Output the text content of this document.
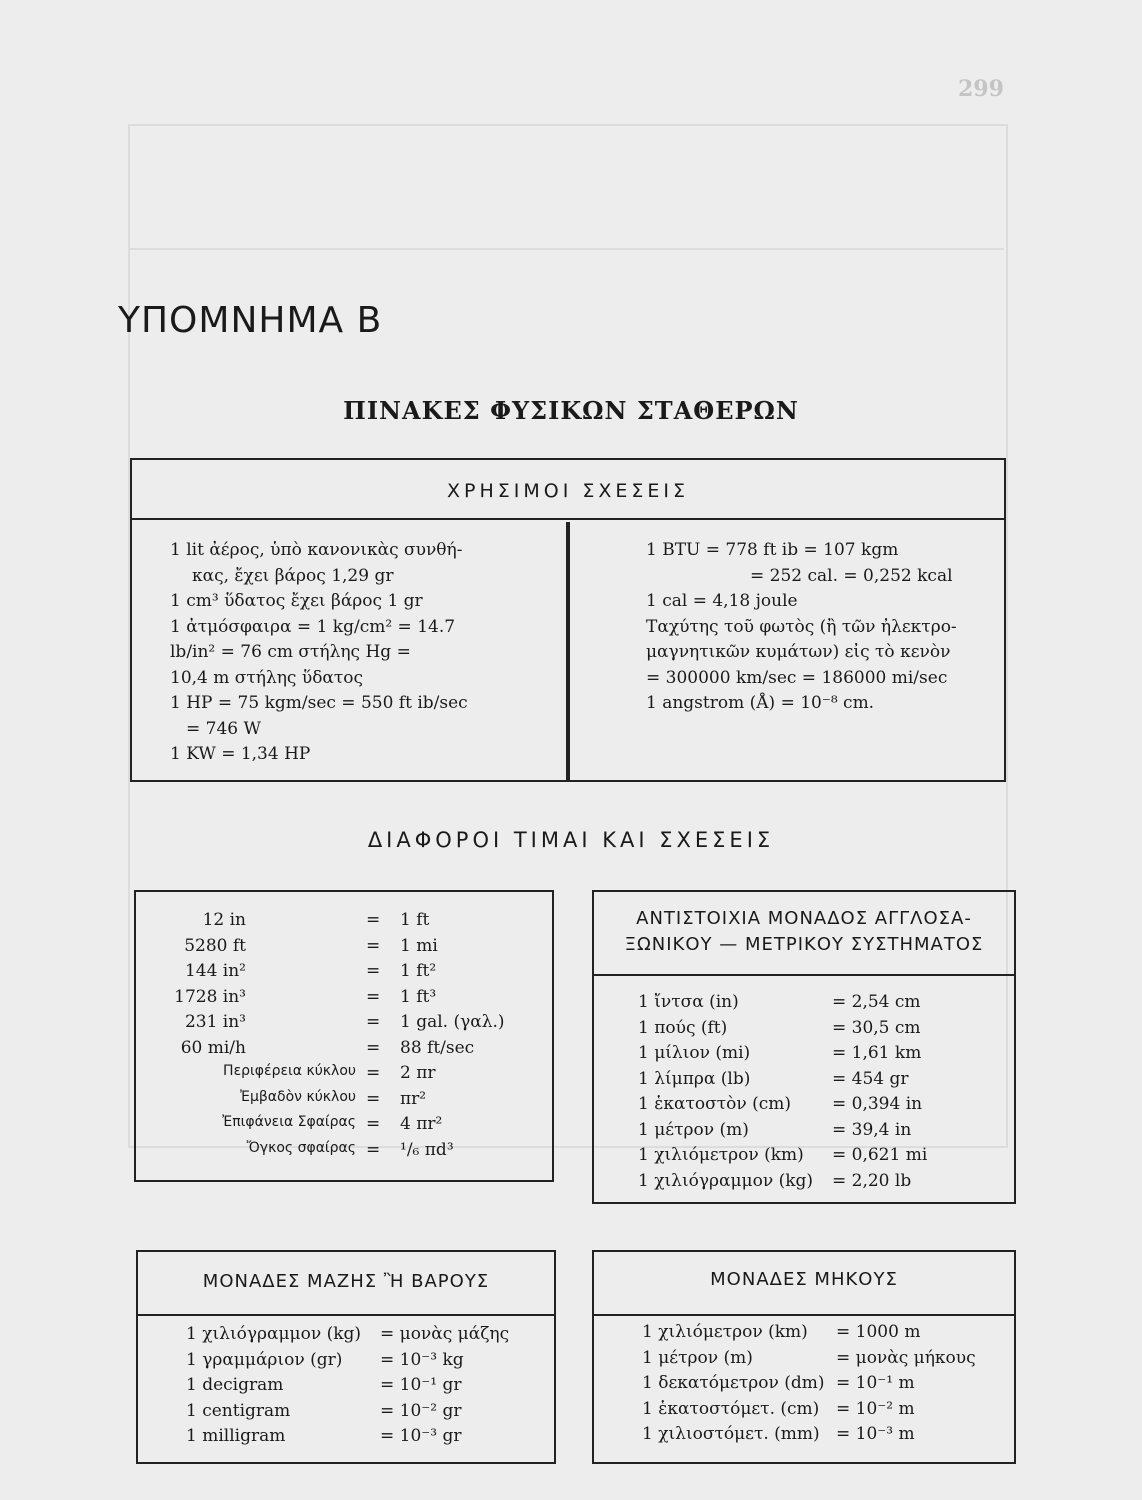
299
ΥΠΟΜΝΗΜΑ Β
ΠΙΝΑΚΕΣ ΦΥΣΙΚΩΝ ΣΤΑΘΕΡΩΝ
ΧΡΗΣΙΜΟΙ ΣΧΕΣΕΙΣ
1 lit ἀέρος, ὑπὸ κανονικὰς συνθή-
κας, ἔχει βάρος 1,29 gr
1 cm³ ὕδατος ἔχει βάρος 1 gr
1 ἀτμόσφαιρα = 1 kg/cm² = 14.7
lb/in² = 76 cm στήλης Hg =
10,4 m στήλης ὕδατος
1 HP = 75 kgm/sec = 550 ft ib/sec
= 746 W
1 KW = 1,34 HP
1 BTU = 778 ft ib = 107 kgm
= 252 cal. = 0,252 kcal
1 cal = 4,18 joule
Ταχύτης τοῦ φωτὸς (ἢ τῶν ἠλεκτρο-
μαγνητικῶν κυμάτων) εἰς τὸ κενὸν
= 300000 km/sec = 186000 mi/sec
1 angstrom (Å) = 10⁻⁸ cm.
ΔΙΑΦΟΡΟΙ ΤΙΜΑΙ ΚΑΙ ΣΧΕΣΕΙΣ
12 in	= 1 ft
5280 ft	= 1 mi
144 in²	= 1 ft²
1728 in³	= 1 ft³
231 in³	= 1 gal. (γαλ.)
60 mi/h	= 88 ft/sec
Περιφέρεια κύκλου = 2 πr
Ἐμβαδὸν κύκλου = πr²
Ἐπιφάνεια Σφαίρας = 4 πr²
Ὄγκος σφαίρας = ¹/₆ πd³
ΑΝΤΙΣΤΟΙΧΙΑ ΜΟΝΑΔΟΣ ΑΓΓΛΟΣΑ-
ΞΩΝΙΚΟΥ — ΜΕΤΡΙΚΟΥ ΣΥΣΤΗΜΑΤΟΣ
1 ἴντσα (in)	= 2,54 cm
1 πούς (ft)	= 30,5 cm
1 μίλιον (mi)	= 1,61 km
1 λίμπρα (lb)	= 454 gr
1 ἑκατοστὸν (cm) = 0,394 in
1 μέτρον (m)	= 39,4 in
1 χιλιόμετρον (km) = 0,621 mi
1 χιλιόγραμμον (kg) = 2,20 lb
ΜΟΝΑΔΕΣ ΜΑΖΗΣ Ἢ ΒΑΡΟΥΣ
1 χιλιόγραμμον (kg) = μονὰς μάζης
1 γραμμάριον (gr) = 10⁻³ kg
1 decigram	= 10⁻¹ gr
1 centigram	= 10⁻² gr
1 milligram	= 10⁻³ gr
ΜΟΝΑΔΕΣ ΜΗΚΟΥΣ
1 χιλιόμετρον (km) = 1000 m
1 μέτρον (m)	= μονὰς μήκους
1 δεκατόμετρον (dm) = 10⁻¹ m
1 ἑκατοστόμετ. (cm) = 10⁻² m
1 χιλιοστόμετ. (mm) = 10⁻³ m
